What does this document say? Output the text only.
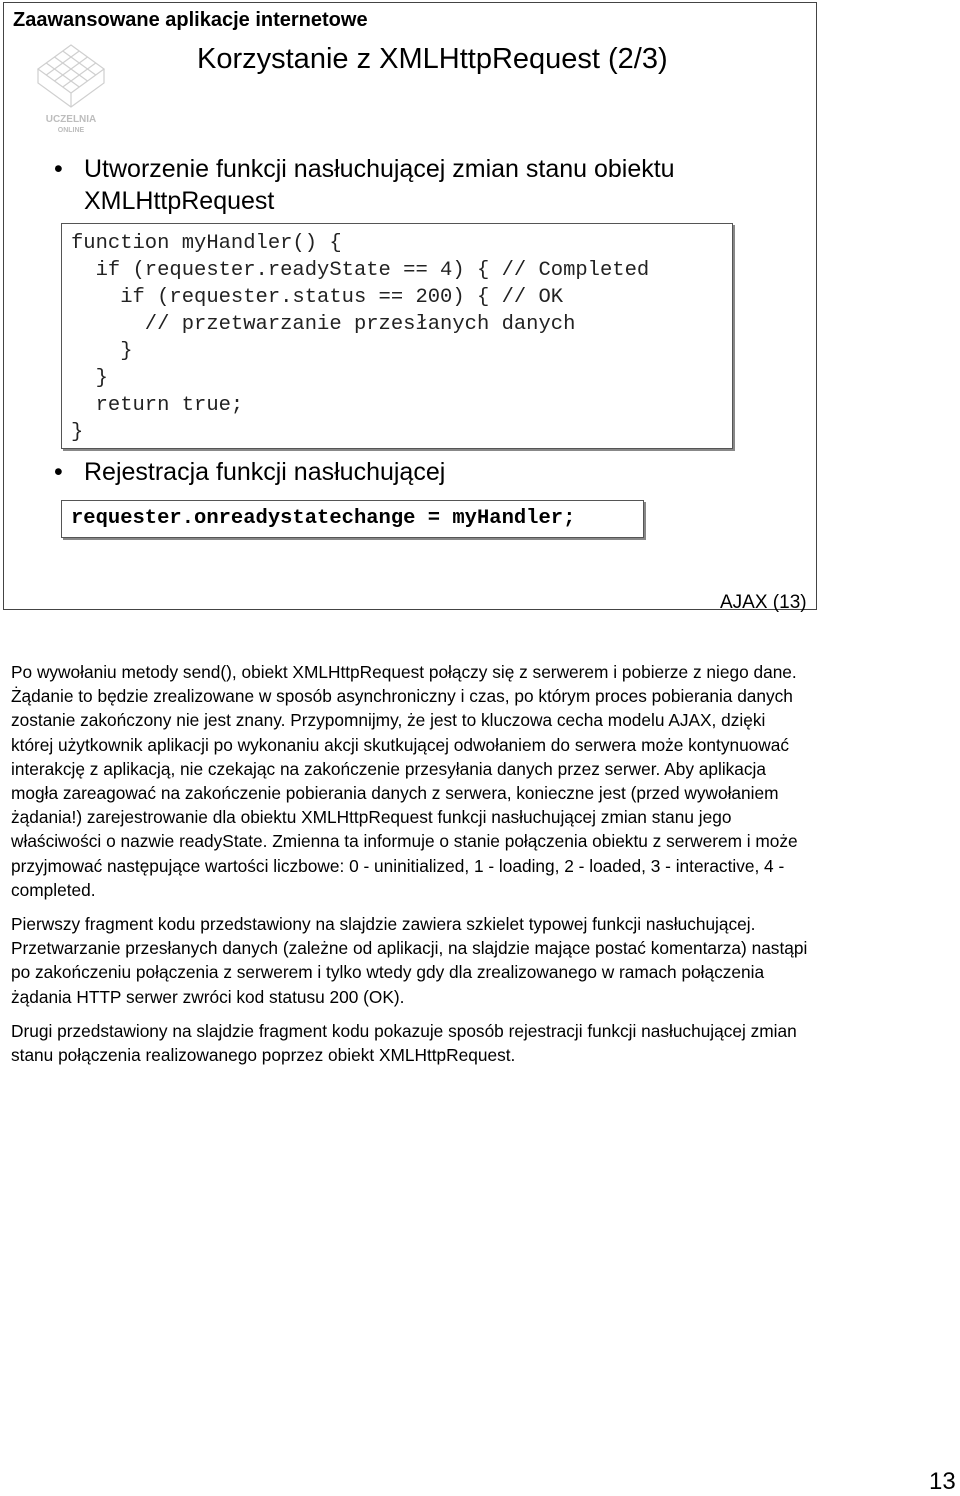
Zaawansowane aplikacje internetowe
UCZELNIA
ONLINE
Korzystanie z XMLHttpRequest (2/3)
• Utworzenie funkcji nasłuchującej zmian stanu obiektu
XMLHttpRequest
function myHandler() {
if (requester.readyState == 4) { // Completed
if (requester.status == 200) { // OK
// przetwarzanie przesłanych danych
}
}
return true;
}
• Rejestracja funkcji nasłuchującej
requester.onreadystatechange = myHandler;
AJAX (13)

Po wywołaniu metody send(), obiekt XMLHttpRequest połączy się z serwerem i pobierze z niego dane. Żądanie to będzie zrealizowane w sposób asynchroniczny i czas, po którym proces pobierania danych zostanie zakończony nie jest znany. Przypomnijmy, że jest to kluczowa cecha modelu AJAX, dzięki której użytkownik aplikacji po wykonaniu akcji skutkującej odwołaniem do serwera może kontynuować interakcję z aplikacją, nie czekając na zakończenie przesyłania danych przez serwer. Aby aplikacja mogła zareagować na zakończenie pobierania danych z serwera, konieczne jest (przed wywołaniem żądania!) zarejestrowanie dla obiektu XMLHttpRequest funkcji nasłuchującej zmian stanu jego właściwości o nazwie readyState. Zmienna ta informuje o stanie połączenia obiektu z serwerem i może przyjmować następujące wartości liczbowe: 0 - uninitialized, 1 - loading, 2 - loaded, 3 - interactive, 4 - completed.

Pierwszy fragment kodu przedstawiony na slajdzie zawiera szkielet typowej funkcji nasłuchującej. Przetwarzanie przesłanych danych (zależne od aplikacji, na slajdzie mające postać komentarza) nastąpi po zakończeniu połączenia z serwerem i tylko wtedy gdy dla zrealizowanego w ramach połączenia żądania HTTP serwer zwróci kod statusu 200 (OK).

Drugi przedstawiony na slajdzie fragment kodu pokazuje sposób rejestracji funkcji nasłuchującej zmian stanu połączenia realizowanego poprzez obiekt XMLHttpRequest.

13
